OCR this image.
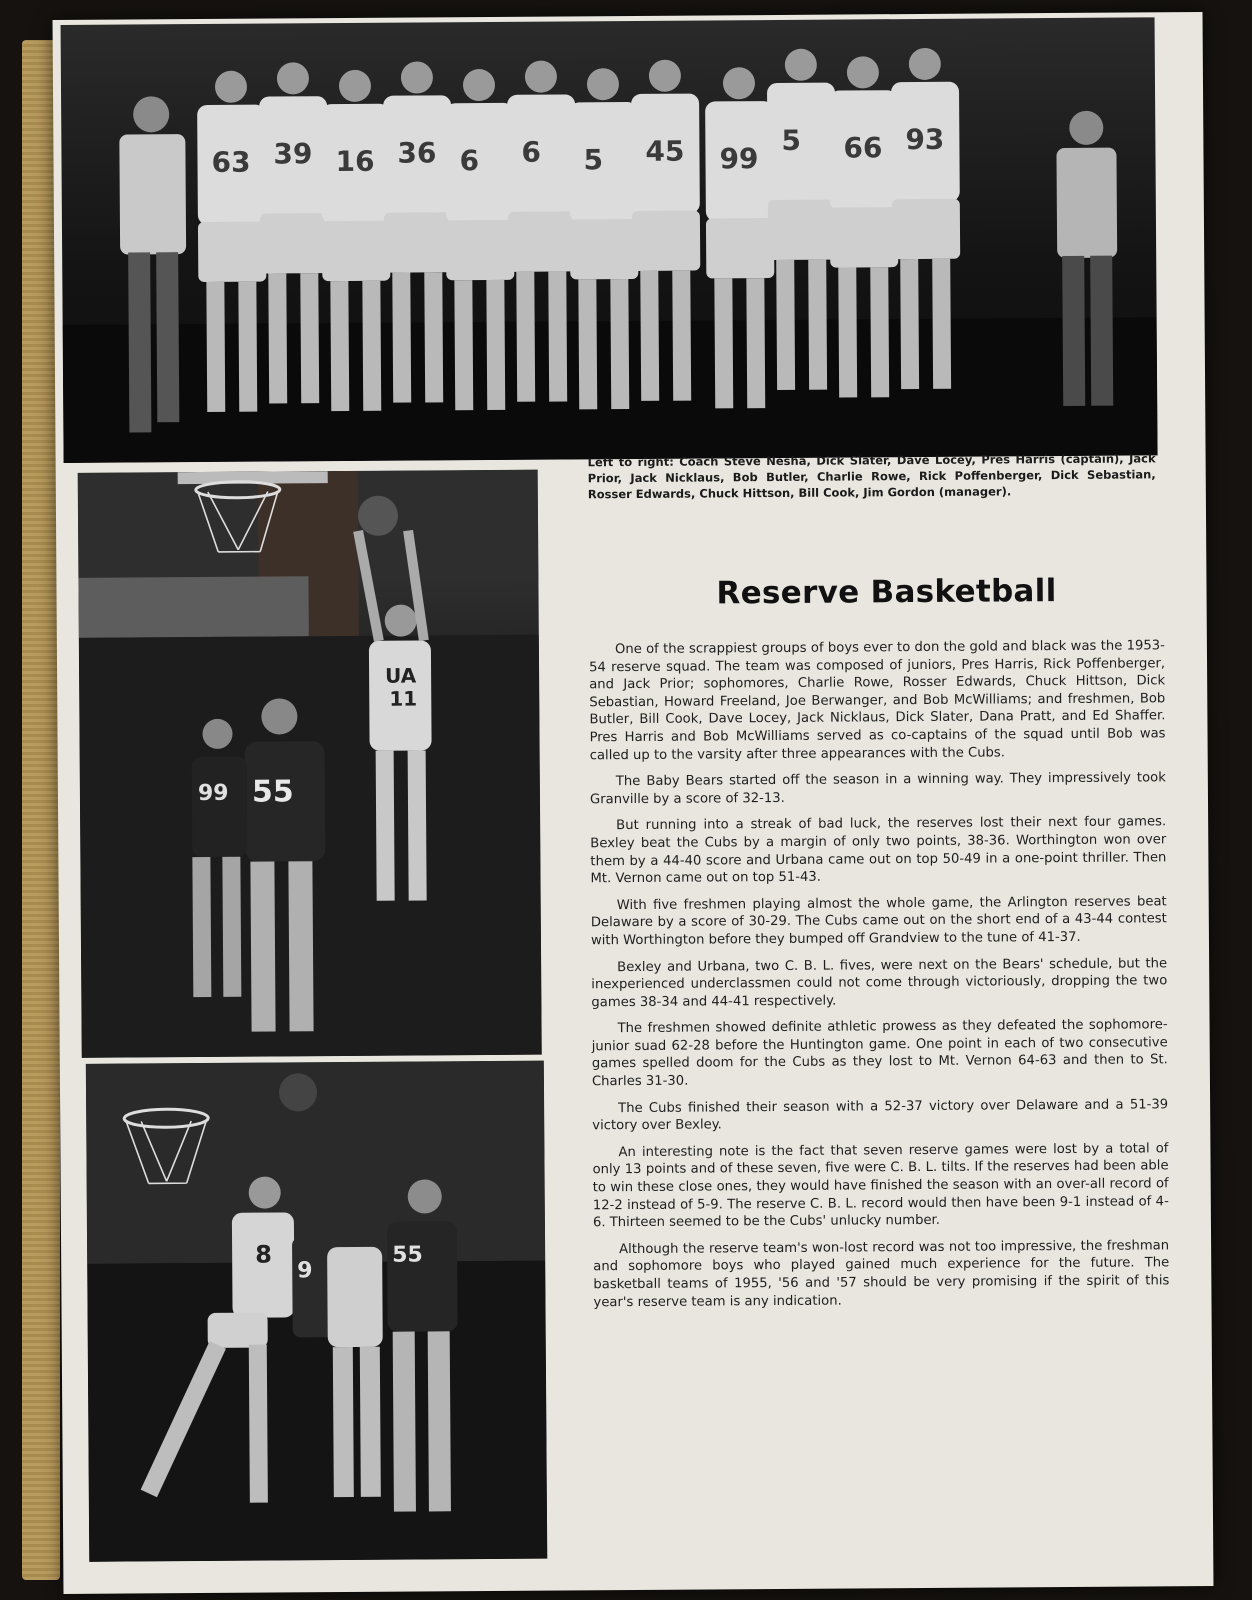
63 39 16 36 6 6 5 45 99
5 66 93
UA
11
55
99
8
9
55
Left to right: Coach Steve Nesha, Dick Slater, Dave Locey, Pres Harris (captain), Jack Prior, Jack Nicklaus, Bob Butler, Charlie Rowe, Rick Poffenberger, Dick Sebastian, Rosser Edwards, Chuck Hittson, Bill Cook, Jim Gordon (manager).
Reserve Basketball

One of the scrappiest groups of boys ever to don the gold and black was the 1953-54 reserve squad. The team was composed of juniors, Pres Harris, Rick Poffenberger, and Jack Prior; sophomores, Charlie Rowe, Rosser Edwards, Chuck Hittson, Dick Sebastian, Howard Freeland, Joe Berwanger, and Bob McWilliams; and freshmen, Bob Butler, Bill Cook, Dave Locey, Jack Nicklaus, Dick Slater, Dana Pratt, and Ed Shaffer. Pres Harris and Bob McWilliams served as co-captains of the squad until Bob was called up to the varsity after three appearances with the Cubs.

The Baby Bears started off the season in a winning way. They impressively took Granville by a score of 32-13.

But running into a streak of bad luck, the reserves lost their next four games. Bexley beat the Cubs by a margin of only two points, 38-36. Worthington won over them by a 44-40 score and Urbana came out on top 50-49 in a one-point thriller. Then Mt. Vernon came out on top 51-43.

With five freshmen playing almost the whole game, the Arlington reserves beat Delaware by a score of 30-29. The Cubs came out on the short end of a 43-44 contest with Worthington before they bumped off Grandview to the tune of 41-37.

Bexley and Urbana, two C. B. L. fives, were next on the Bears' schedule, but the inexperienced underclassmen could not come through victoriously, dropping the two games 38-34 and 44-41 respectively.

The freshmen showed definite athletic prowess as they defeated the sophomore-junior suad 62-28 before the Huntington game. One point in each of two consecutive games spelled doom for the Cubs as they lost to Mt. Vernon 64-63 and then to St. Charles 31-30.

The Cubs finished their season with a 52-37 victory over Delaware and a 51-39 victory over Bexley.

An interesting note is the fact that seven reserve games were lost by a total of only 13 points and of these seven, five were C. B. L. tilts. If the reserves had been able to win these close ones, they would have finished the season with an over-all record of 12-2 instead of 5-9. The reserve C. B. L. record would then have been 9-1 instead of 4-6. Thirteen seemed to be the Cubs' unlucky number.

Although the reserve team's won-lost record was not too impressive, the freshman and sophomore boys who played gained much experience for the future. The basketball teams of 1955, '56 and '57 should be very promising if the spirit of this year's reserve team is any indication.
